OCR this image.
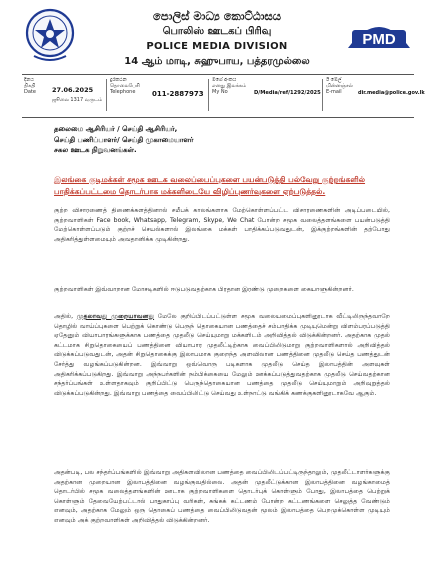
පොලිස් මාධ්‍ය කොට්ඨාසය
பொலிஸ் ஊடகப் பிரிவு
POLICE MEDIA DIVISION
14 ஆம் மாடி, சுஹுபாய, பத்தரமுல்லை
PMD
දිනය
திகதி
Date 27.06.2025
ஜூலை 1317 வருடம்
දුරකථන
தொலைபேசி
Telephone	011-2887973
මගේ අංකය
எனது இலக்கம்
My No	D/Media/ref/1292/2025
ඊ මේල්
மின்னஞ்சல்
E-mail	dir.media@police.gov.lk
தலைமை ஆசிரியர் / செய்தி ஆசிரியர்,
செய்தி பணிப்பாளர்/ செய்தி முகாமையாளர்
சகல ஊடக நிறுவனங்கள்.
இலங்கை குடிமக்கள் சமூக ஊடக வலைப்பைப்புகளை பயன்படுத்தி பல்வேறு குற்றங்களில் பாதிக்கப்பட்டமை தொடர்பாக மக்களிடையே விழிப்புணர்வுகளை ஏற்படுத்தல்.
குற்ற விசாரணைத் திணைக்களத்தினால் சமீபக் காலங்களாக மேற்கொள்ளப்பட்ட விசாரணைகளின் அடிப்படையில், குற்றவாளிகள் Face book, Whatsapp, Telegram, Skype, We Chat போன்ற சமூக வலைத்தளங்களை பயன்படுத்தி மேற்கொள்ளப்படும் குற்றச் செயல்களால் இலங்கை மக்கள் பாதிக்கப்படுவதுடன், இக்குற்றங்களின் தற்போது அதிகரித்துள்ளமையும் அவதானிக்க முடிகின்றது.
குற்றவாளிகள் இவ்வாறான மோசடிகளில் ஈடுபடுவதற்காக பிரதான இரண்டு முறைகளை கையாளுகின்றனர்.
அதில், முதலாவது முறையாவனது மேலே குறிப்பிடப்பட்டுள்ள சமூக வலையமைப்புகளினூடாக வீட்டிலிருந்தவாறே தொழில் வாய்ப்புகளை பெற்றுக் கொண்டு பெருந் தொகையான பணத்தைச் சம்பாதிக்க முடியுமென்று விளம்பரப்படுத்தி ஏதேனும் வியாபாரங்களுக்காக பணத்தை முதலீடு செய்யுமாறு மக்களிடம் அறிவித்தல் விடுக்கின்றனர். அதற்காக முதல் கட்டமாக சிறுதொகையைப் பணத்தினை வியாபார முதலீட்டிற்காக வைப்பிலிடுமாறு குற்றவாளிகளால் அறிவித்தல் விடுக்கப்படுவதுடன், அதன் சிறுதொகைக்கு இலாபமாக குறைந்த அளவிலான பணத்தினை முதலீடு செய்த பணத்துடன் சேர்த்து வழங்கப்படுகின்றன. இவ்வாறு ஒவ்வொரு படிகளாக முதலீடு செய்த இலாபத்தின் அளவுகள் அதிகரிக்கப்படுகிறது. இவ்வாறு அந்நபர்களின் நம்பிக்கையை மேலும் ஊக்கப்படுத்துவதற்காக முதலீடு செய்வதற்கான சந்தர்ப்பங்கள் உள்ளதாகவும் குறிப்பிட்டு பெருந்தொகையான பணத்தை முதலீடு செய்யுமாறும் அறிவுறுத்தல் விடுக்கப்படுகின்றது. இவ்வாறு பணத்தை வைப்பிலிட்டு செய்வது உள்நாட்டு வங்கிக் கணக்குகளினூடாகவே ஆகும்.
அதன்படி, பல சந்தர்ப்பங்களில் இவ்வாறு அதிகளவிலான பணத்தை வைப்பிலிடப்பட்டிருந்தாலும், முதலீட்டாளர்களுக்கு அதற்கான முறையான இலாபத்தினை வழங்குவதில்லை. அதன் முதலீட்டுக்கான இலாபத்தினை வழங்காமைத் தொடர்பில் சமூக வலைத்தளங்களின் ஊடாக குற்றவாளிகளை தொடர்புக் கொள்ளும் போது, இலாபத்தை பெற்றுக் கொள்ளும் தேவையேற்பட்டால் பாதுகாப்பு வரிகள், சுங்கக் கட்டணம் போன்ற கட்டணங்களை செலுத்த வேண்டும் எனவும், அதற்காக மேலும் ஒரு தொகைப் பணத்தை வைப்பிலிடுவதன் மூலம் இலாபத்தை பெறமுக்கொள்ள முடியும் எனவும் அக் குற்றவாளிகள் அறிவித்தல் விடுக்கின்றனர்.
